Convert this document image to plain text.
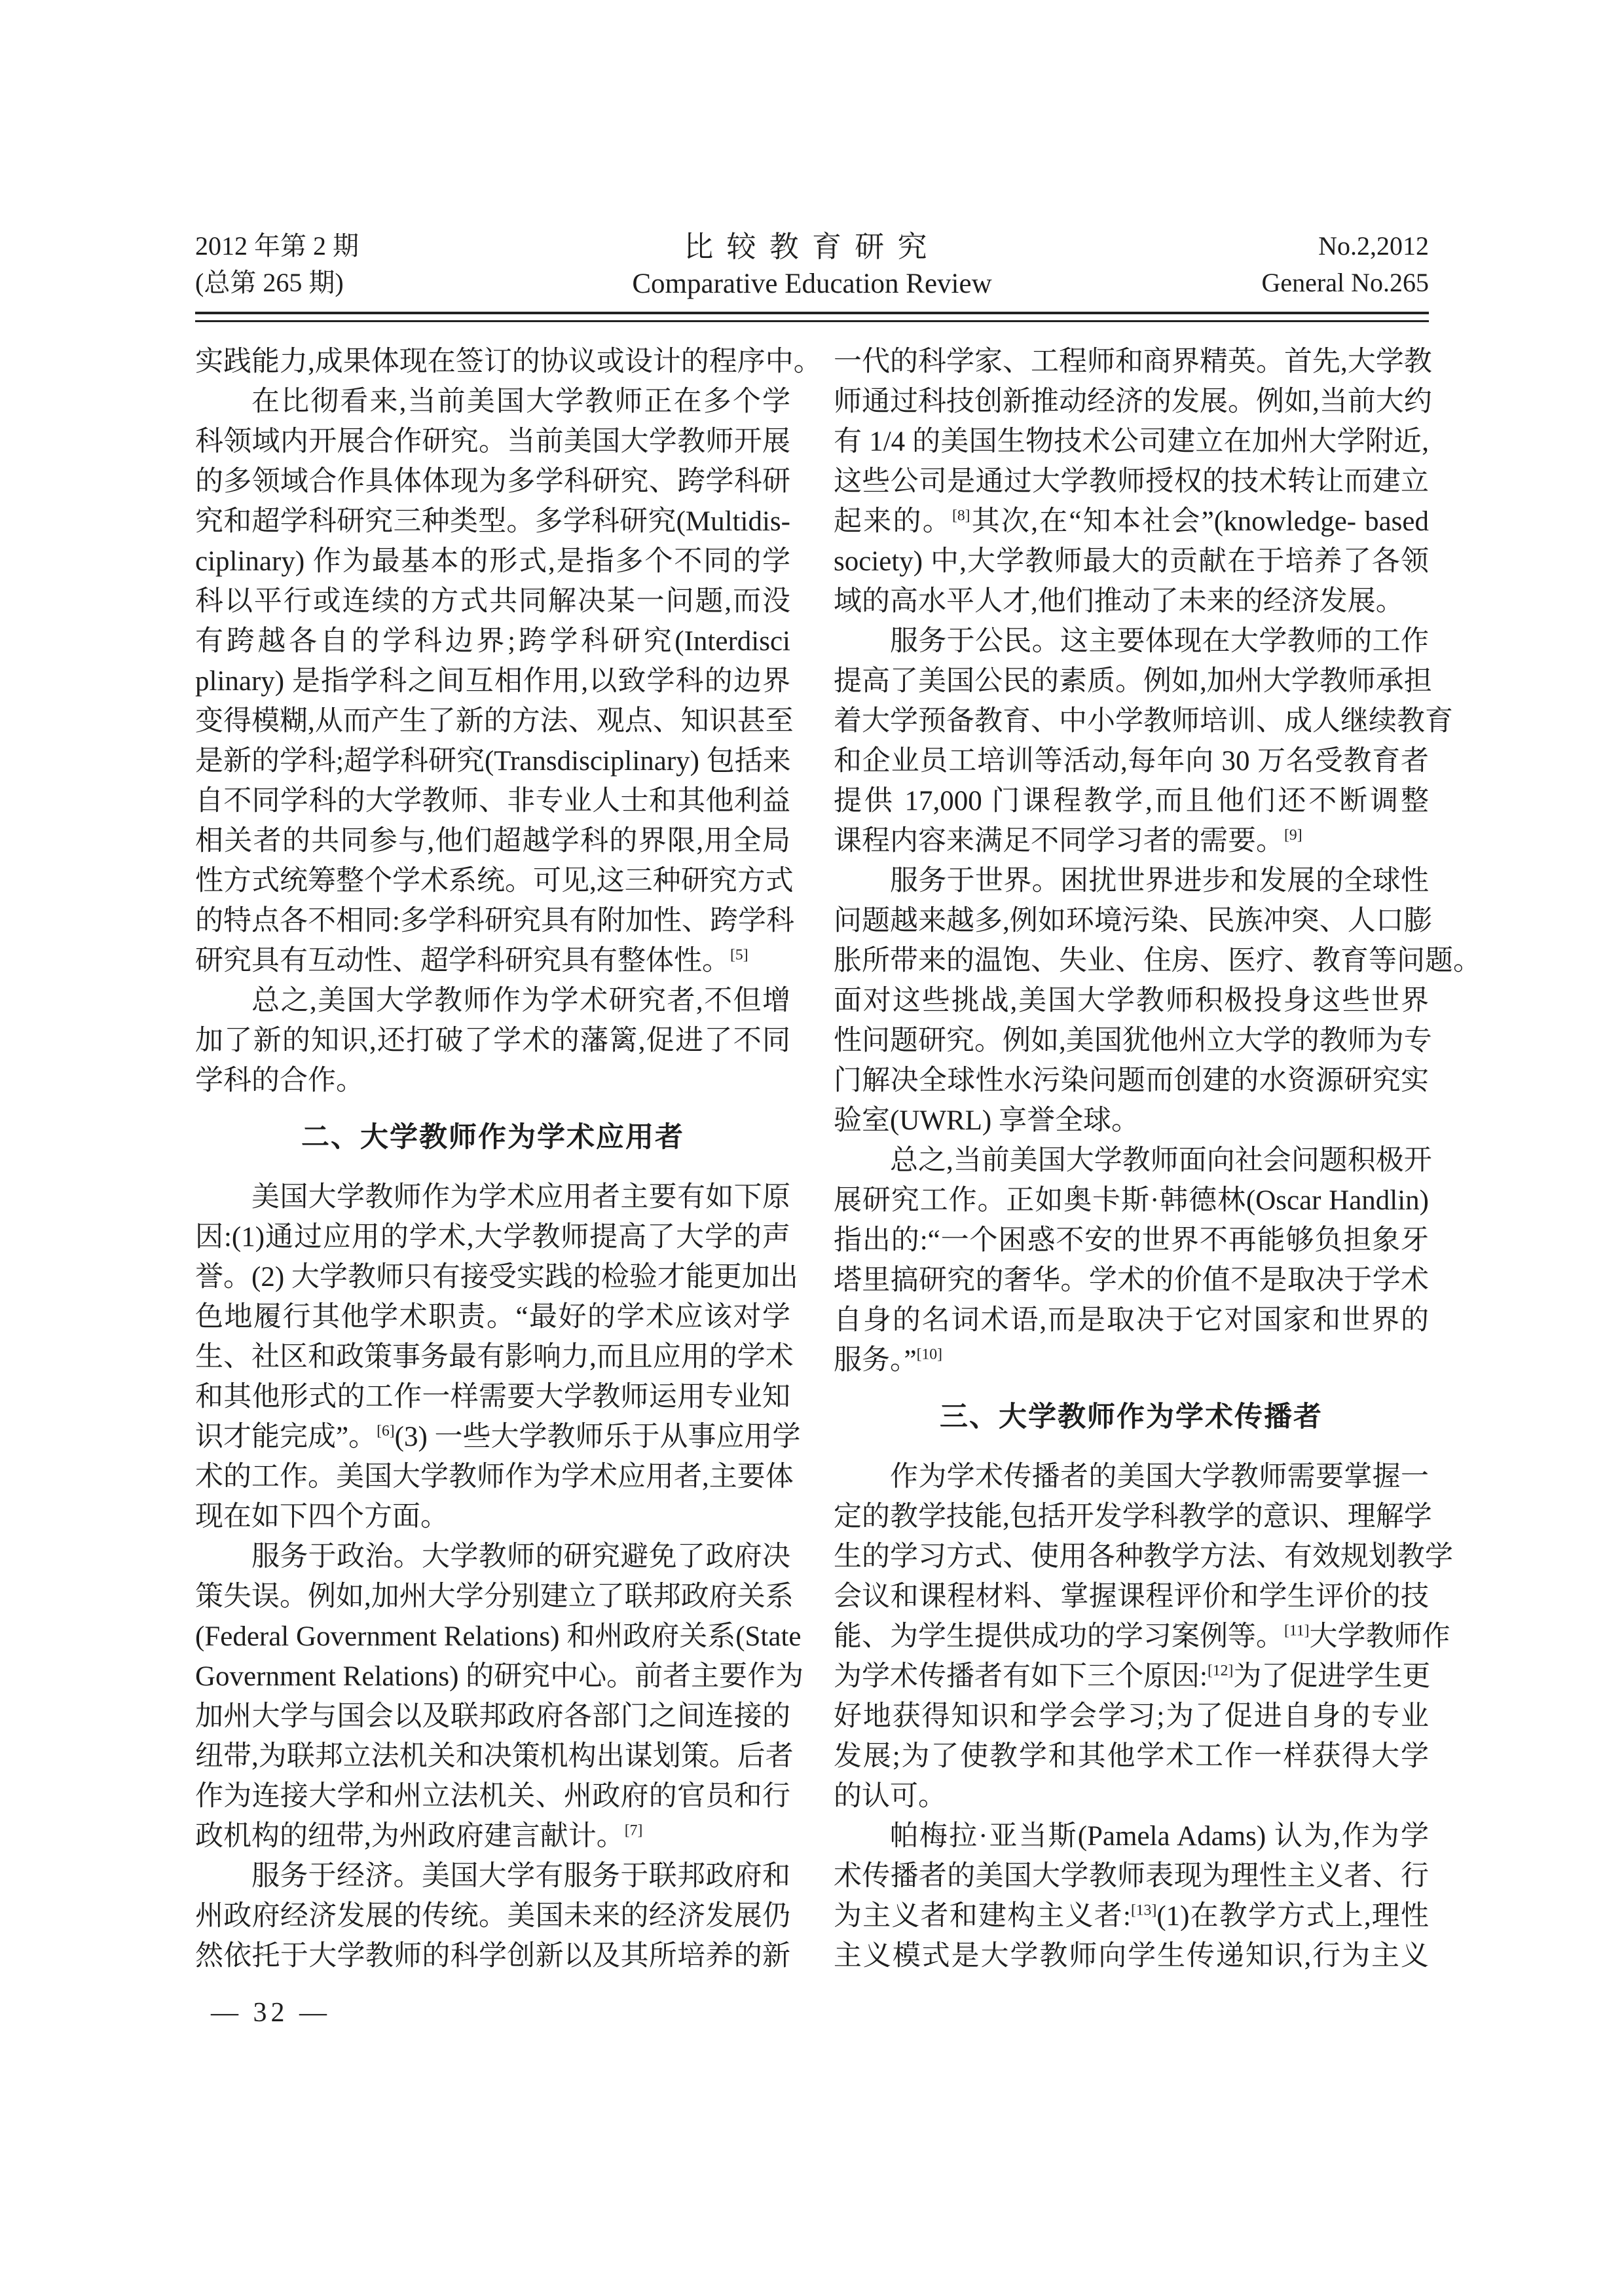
2012 年第 2 期
(总第 265 期)
比较教育研究
Comparative Education Review
No.2,2012
General No.265
实践能力,成果体现在签订的协议或设计的程序中。
在比彻看来,当前美国大学教师正在多个学
科领域内开展合作研究。当前美国大学教师开展
的多领域合作具体体现为多学科研究、跨学科研
究和超学科研究三种类型。多学科研究(Multidis-
ciplinary) 作为最基本的形式,是指多个不同的学
科以平行或连续的方式共同解决某一问题,而没
有跨越各自的学科边界;跨学科研究(Interdisci
plinary) 是指学科之间互相作用,以致学科的边界
变得模糊,从而产生了新的方法、观点、知识甚至
是新的学科;超学科研究(Transdisciplinary) 包括来
自不同学科的大学教师、非专业人士和其他利益
相关者的共同参与,他们超越学科的界限,用全局
性方式统筹整个学术系统。可见,这三种研究方式
的特点各不相同:多学科研究具有附加性、跨学科
研究具有互动性、超学科研究具有整体性。[5]
总之,美国大学教师作为学术研究者,不但增
加了新的知识,还打破了学术的藩篱,促进了不同
学科的合作。
二、大学教师作为学术应用者
美国大学教师作为学术应用者主要有如下原
因:(1)通过应用的学术,大学教师提高了大学的声
誉。(2) 大学教师只有接受实践的检验才能更加出
色地履行其他学术职责。“最好的学术应该对学
生、社区和政策事务最有影响力,而且应用的学术
和其他形式的工作一样需要大学教师运用专业知
识才能完成”。[6](3) 一些大学教师乐于从事应用学
术的工作。美国大学教师作为学术应用者,主要体
现在如下四个方面。
服务于政治。大学教师的研究避免了政府决
策失误。例如,加州大学分别建立了联邦政府关系
(Federal Government Relations) 和州政府关系(State
Government Relations) 的研究中心。前者主要作为
加州大学与国会以及联邦政府各部门之间连接的
纽带,为联邦立法机关和决策机构出谋划策。后者
作为连接大学和州立法机关、州政府的官员和行
政机构的纽带,为州政府建言献计。[7]
服务于经济。美国大学有服务于联邦政府和
州政府经济发展的传统。美国未来的经济发展仍
然依托于大学教师的科学创新以及其所培养的新
一代的科学家、工程师和商界精英。首先,大学教
师通过科技创新推动经济的发展。例如,当前大约
有 1/4 的美国生物技术公司建立在加州大学附近,
这些公司是通过大学教师授权的技术转让而建立
起来的。[8]其次,在“知本社会”(knowledge- based
society) 中,大学教师最大的贡献在于培养了各领
域的高水平人才,他们推动了未来的经济发展。
服务于公民。这主要体现在大学教师的工作
提高了美国公民的素质。例如,加州大学教师承担
着大学预备教育、中小学教师培训、成人继续教育
和企业员工培训等活动,每年向 30 万名受教育者
提供 17,000 门课程教学,而且他们还不断调整
课程内容来满足不同学习者的需要。[9]
服务于世界。困扰世界进步和发展的全球性
问题越来越多,例如环境污染、民族冲突、人口膨
胀所带来的温饱、失业、住房、医疗、教育等问题。
面对这些挑战,美国大学教师积极投身这些世界
性问题研究。例如,美国犹他州立大学的教师为专
门解决全球性水污染问题而创建的水资源研究实
验室(UWRL) 享誉全球。
总之,当前美国大学教师面向社会问题积极开
展研究工作。正如奥卡斯·韩德林(Oscar Handlin)
指出的:“一个困惑不安的世界不再能够负担象牙
塔里搞研究的奢华。学术的价值不是取决于学术
自身的名词术语,而是取决于它对国家和世界的
服务。”[10]
三、大学教师作为学术传播者
作为学术传播者的美国大学教师需要掌握一
定的教学技能,包括开发学科教学的意识、理解学
生的学习方式、使用各种教学方法、有效规划教学
会议和课程材料、掌握课程评价和学生评价的技
能、为学生提供成功的学习案例等。[11]大学教师作
为学术传播者有如下三个原因:[12]为了促进学生更
好地获得知识和学会学习;为了促进自身的专业
发展;为了使教学和其他学术工作一样获得大学
的认可。
帕梅拉·亚当斯(Pamela Adams) 认为,作为学
术传播者的美国大学教师表现为理性主义者、行
为主义者和建构主义者:[13](1)在教学方式上,理性
主义模式是大学教师向学生传递知识,行为主义
— 32 —
